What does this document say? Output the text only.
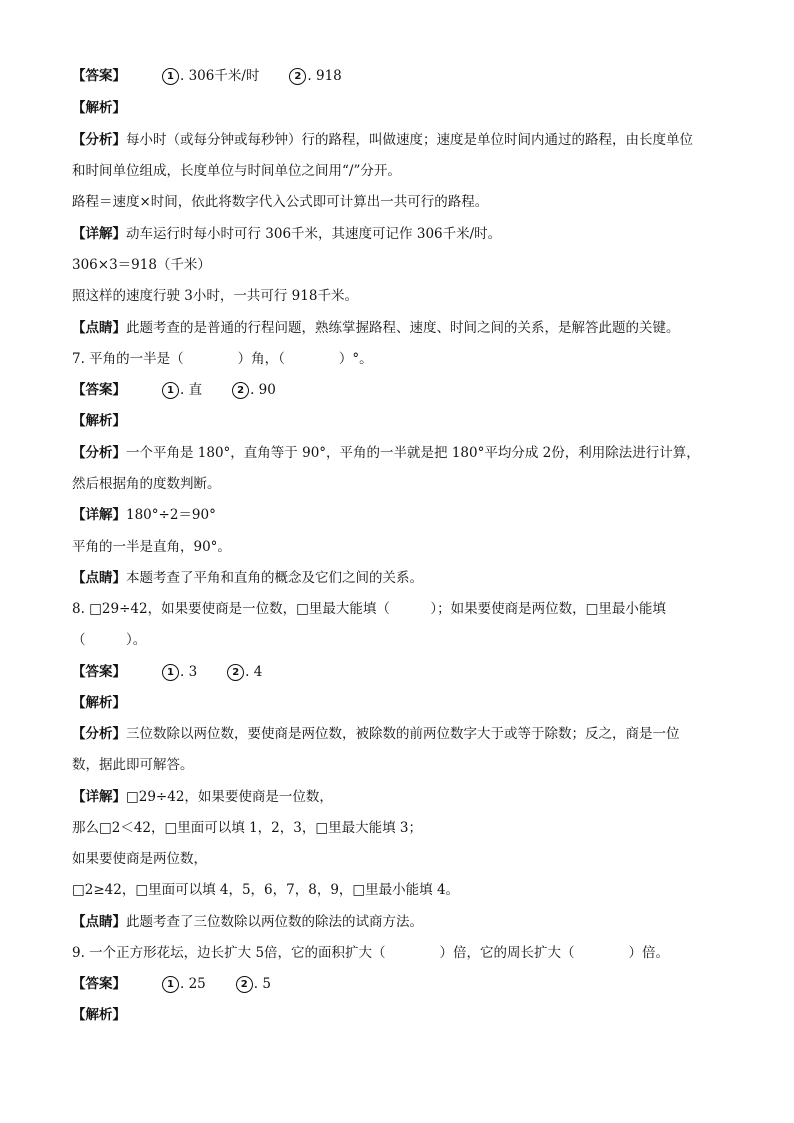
【答案】	1 . 306千米/时	2 . 918
【解析】
【分析】每小时（或每分钟或每秒钟）行的路程，叫做速度；速度是单位时间内通过的路程，由长度单位
和时间单位组成，长度单位与时间单位之间用“/”分开。
路程＝速度×时间，依此将数字代入公式即可计算出一共可行的路程。
【详解】动车运行时每小时可行 306千米，其速度可记作 306千米/时。
306×3＝918（千米）
照这样的速度行驶 3小时，一共可行 918千米。
【点睛】此题考查的是普通的行程问题，熟练掌握路程、速度、时间之间的关系，是解答此题的关键。
7. 平角的一半是（　　　　）角，（　　　　）°。
【答案】	1 . 直	2 . 90
【解析】
【分析】一个平角是 180°，直角等于 90°，平角的一半就是把 180°平均分成 2份，利用除法进行计算，
然后根据角的度数判断。
【详解】180°÷2＝90°
平角的一半是直角，90°。
【点睛】本题考查了平角和直角的概念及它们之间的关系。
8. □29÷42，如果要使商是一位数，□里最大能填（　　　）；如果要使商是两位数，□里最小能填
（　　　）。
【答案】	1 . 3	2 . 4
【解析】
【分析】三位数除以两位数，要使商是两位数，被除数的前两位数字大于或等于除数；反之，商是一位
数，据此即可解答。
【详解】□29÷42，如果要使商是一位数，
那么□2＜42，□里面可以填 1，2，3，□里最大能填 3；
如果要使商是两位数，
□2≥42，□里面可以填 4，5，6，7，8，9，□里最小能填 4。
【点睛】此题考查了三位数除以两位数的除法的试商方法。
9. 一个正方形花坛，边长扩大 5倍，它的面积扩大（　　　　）倍，它的周长扩大（　　　　）倍。
【答案】	1 . 25	2 . 5
【解析】
